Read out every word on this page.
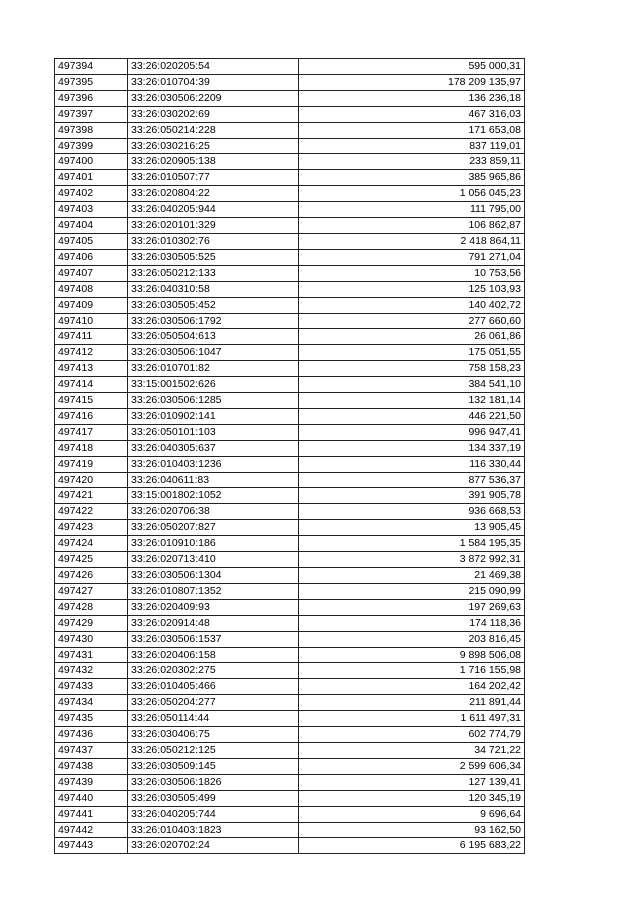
497394	33:26:020205:54	595 000,31
497395	33:26:010704:39	178 209 135,97
497396	33:26:030506:2209	136 236,18
497397	33:26:030202:69	467 316,03
497398	33:26:050214:228	171 653,08
497399	33:26:030216:25	837 119,01
497400	33:26:020905:138	233 859,11
497401	33:26:010507:77	385 965,86
497402	33:26:020804:22	1 056 045,23
497403	33:26:040205:944	111 795,00
497404	33:26:020101:329	106 862,87
497405	33:26:010302:76	2 418 864,11
497406	33:26:030505:525	791 271,04
497407	33:26:050212:133	10 753,56
497408	33:26:040310:58	125 103,93
497409	33:26:030505:452	140 402,72
497410	33:26:030506:1792	277 660,60
497411	33:26:050504:613	26 061,86
497412	33:26:030506:1047	175 051,55
497413	33:26:010701:82	758 158,23
497414	33:15:001502:626	384 541,10
497415	33:26:030506:1285	132 181,14
497416	33:26:010902:141	446 221,50
497417	33:26:050101:103	996 947,41
497418	33:26:040305:637	134 337,19
497419	33:26:010403:1236	116 330,44
497420	33:26:040611:83	877 536,37
497421	33:15:001802:1052	391 905,78
497422	33:26:020706:38	936 668,53
497423	33:26:050207:827	13 905,45
497424	33:26:010910:186	1 584 195,35
497425	33:26:020713:410	3 872 992,31
497426	33:26:030506:1304	21 469,38
497427	33:26:010807:1352	215 090,99
497428	33:26:020409:93	197 269,63
497429	33:26:020914:48	174 118,36
497430	33:26:030506:1537	203 816,45
497431	33:26:020406:158	9 898 506,08
497432	33:26:020302:275	1 716 155,98
497433	33:26:010405:466	164 202,42
497434	33:26:050204:277	211 891,44
497435	33:26:050114:44	1 611 497,31
497436	33:26:030406:75	602 774,79
497437	33:26:050212:125	34 721,22
497438	33:26:030509:145	2 599 606,34
497439	33:26:030506:1826	127 139,41
497440	33:26:030505:499	120 345,19
497441	33:26:040205:744	9 696,64
497442	33:26:010403:1823	93 162,50
497443	33:26:020702:24	6 195 683,22
